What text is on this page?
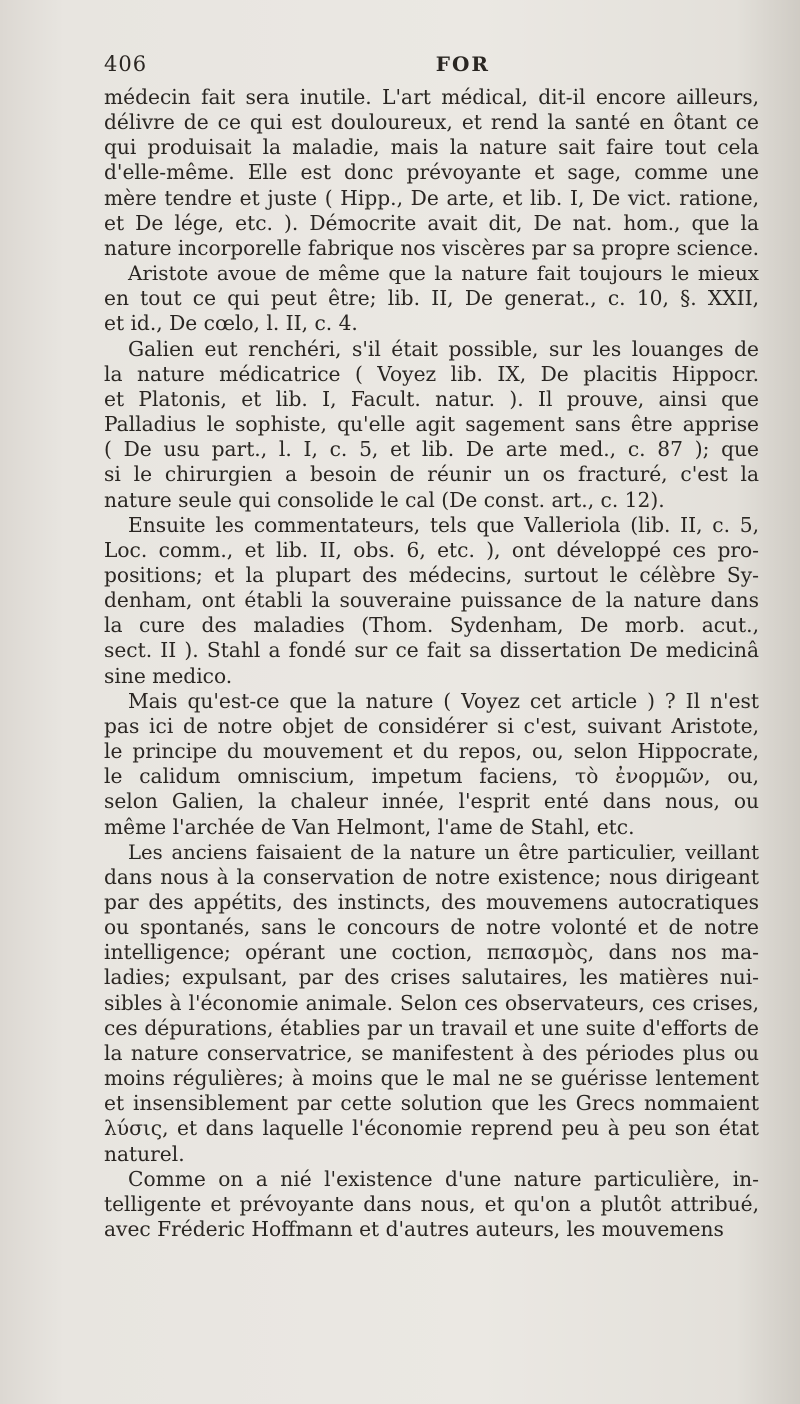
406	FOR
médecin fait sera inutile. L'art médical, dit-il encore ailleurs,
délivre de ce qui est douloureux, et rend la santé en ôtant ce
qui produisait la maladie, mais la nature sait faire tout cela
d'elle-même. Elle est donc prévoyante et sage, comme une
mère tendre et juste ( Hipp., De arte, et lib. I, De vict. ratione,
et De lége, etc. ). Démocrite avait dit, De nat. hom., que la
nature incorporelle fabrique nos viscères par sa propre science.
Aristote avoue de même que la nature fait toujours le mieux
en tout ce qui peut être; lib. II, De generat., c. 10, §. XXII,
et id., De cœlo, l. II, c. 4.
Galien eut renchéri, s'il était possible, sur les louanges de
la nature médicatrice ( Voyez lib. IX, De placitis Hippocr.
et Platonis, et lib. I, Facult. natur. ). Il prouve, ainsi que
Palladius le sophiste, qu'elle agit sagement sans être apprise
( De usu part., l. I, c. 5, et lib. De arte med., c. 87 ); que
si le chirurgien a besoin de réunir un os fracturé, c'est la
nature seule qui consolide le cal (De const. art., c. 12).
Ensuite les commentateurs, tels que Valleriola (lib. II, c. 5,
Loc. comm., et lib. II, obs. 6, etc. ), ont développé ces pro-
positions; et la plupart des médecins, surtout le célèbre Sy-
denham, ont établi la souveraine puissance de la nature dans
la cure des maladies (Thom. Sydenham, De morb. acut.,
sect. II ). Stahl a fondé sur ce fait sa dissertation De medicinâ
sine medico.
Mais qu'est-ce que la nature ( Voyez cet article ) ? Il n'est
pas ici de notre objet de considérer si c'est, suivant Aristote,
le principe du mouvement et du repos, ou, selon Hippocrate,
le calidum omniscium, impetum faciens, τὸ ἐνορμῶν, ou,
selon Galien, la chaleur innée, l'esprit enté dans nous, ou
même l'archée de Van Helmont, l'ame de Stahl, etc.
Les anciens faisaient de la nature un être particulier, veillant
dans nous à la conservation de notre existence; nous dirigeant
par des appétits, des instincts, des mouvemens autocratiques
ou spontanés, sans le concours de notre volonté et de notre
intelligence; opérant une coction, πεπασμὸς, dans nos ma-
ladies; expulsant, par des crises salutaires, les matières nui-
sibles à l'économie animale. Selon ces observateurs, ces crises,
ces dépurations, établies par un travail et une suite d'efforts de
la nature conservatrice, se manifestent à des périodes plus ou
moins régulières; à moins que le mal ne se guérisse lentement
et insensiblement par cette solution que les Grecs nommaient
λύσις, et dans laquelle l'économie reprend peu à peu son état
naturel.
Comme on a nié l'existence d'une nature particulière, in-
telligente et prévoyante dans nous, et qu'on a plutôt attribué,
avec Fréderic Hoffmann et d'autres auteurs, les mouvemens
